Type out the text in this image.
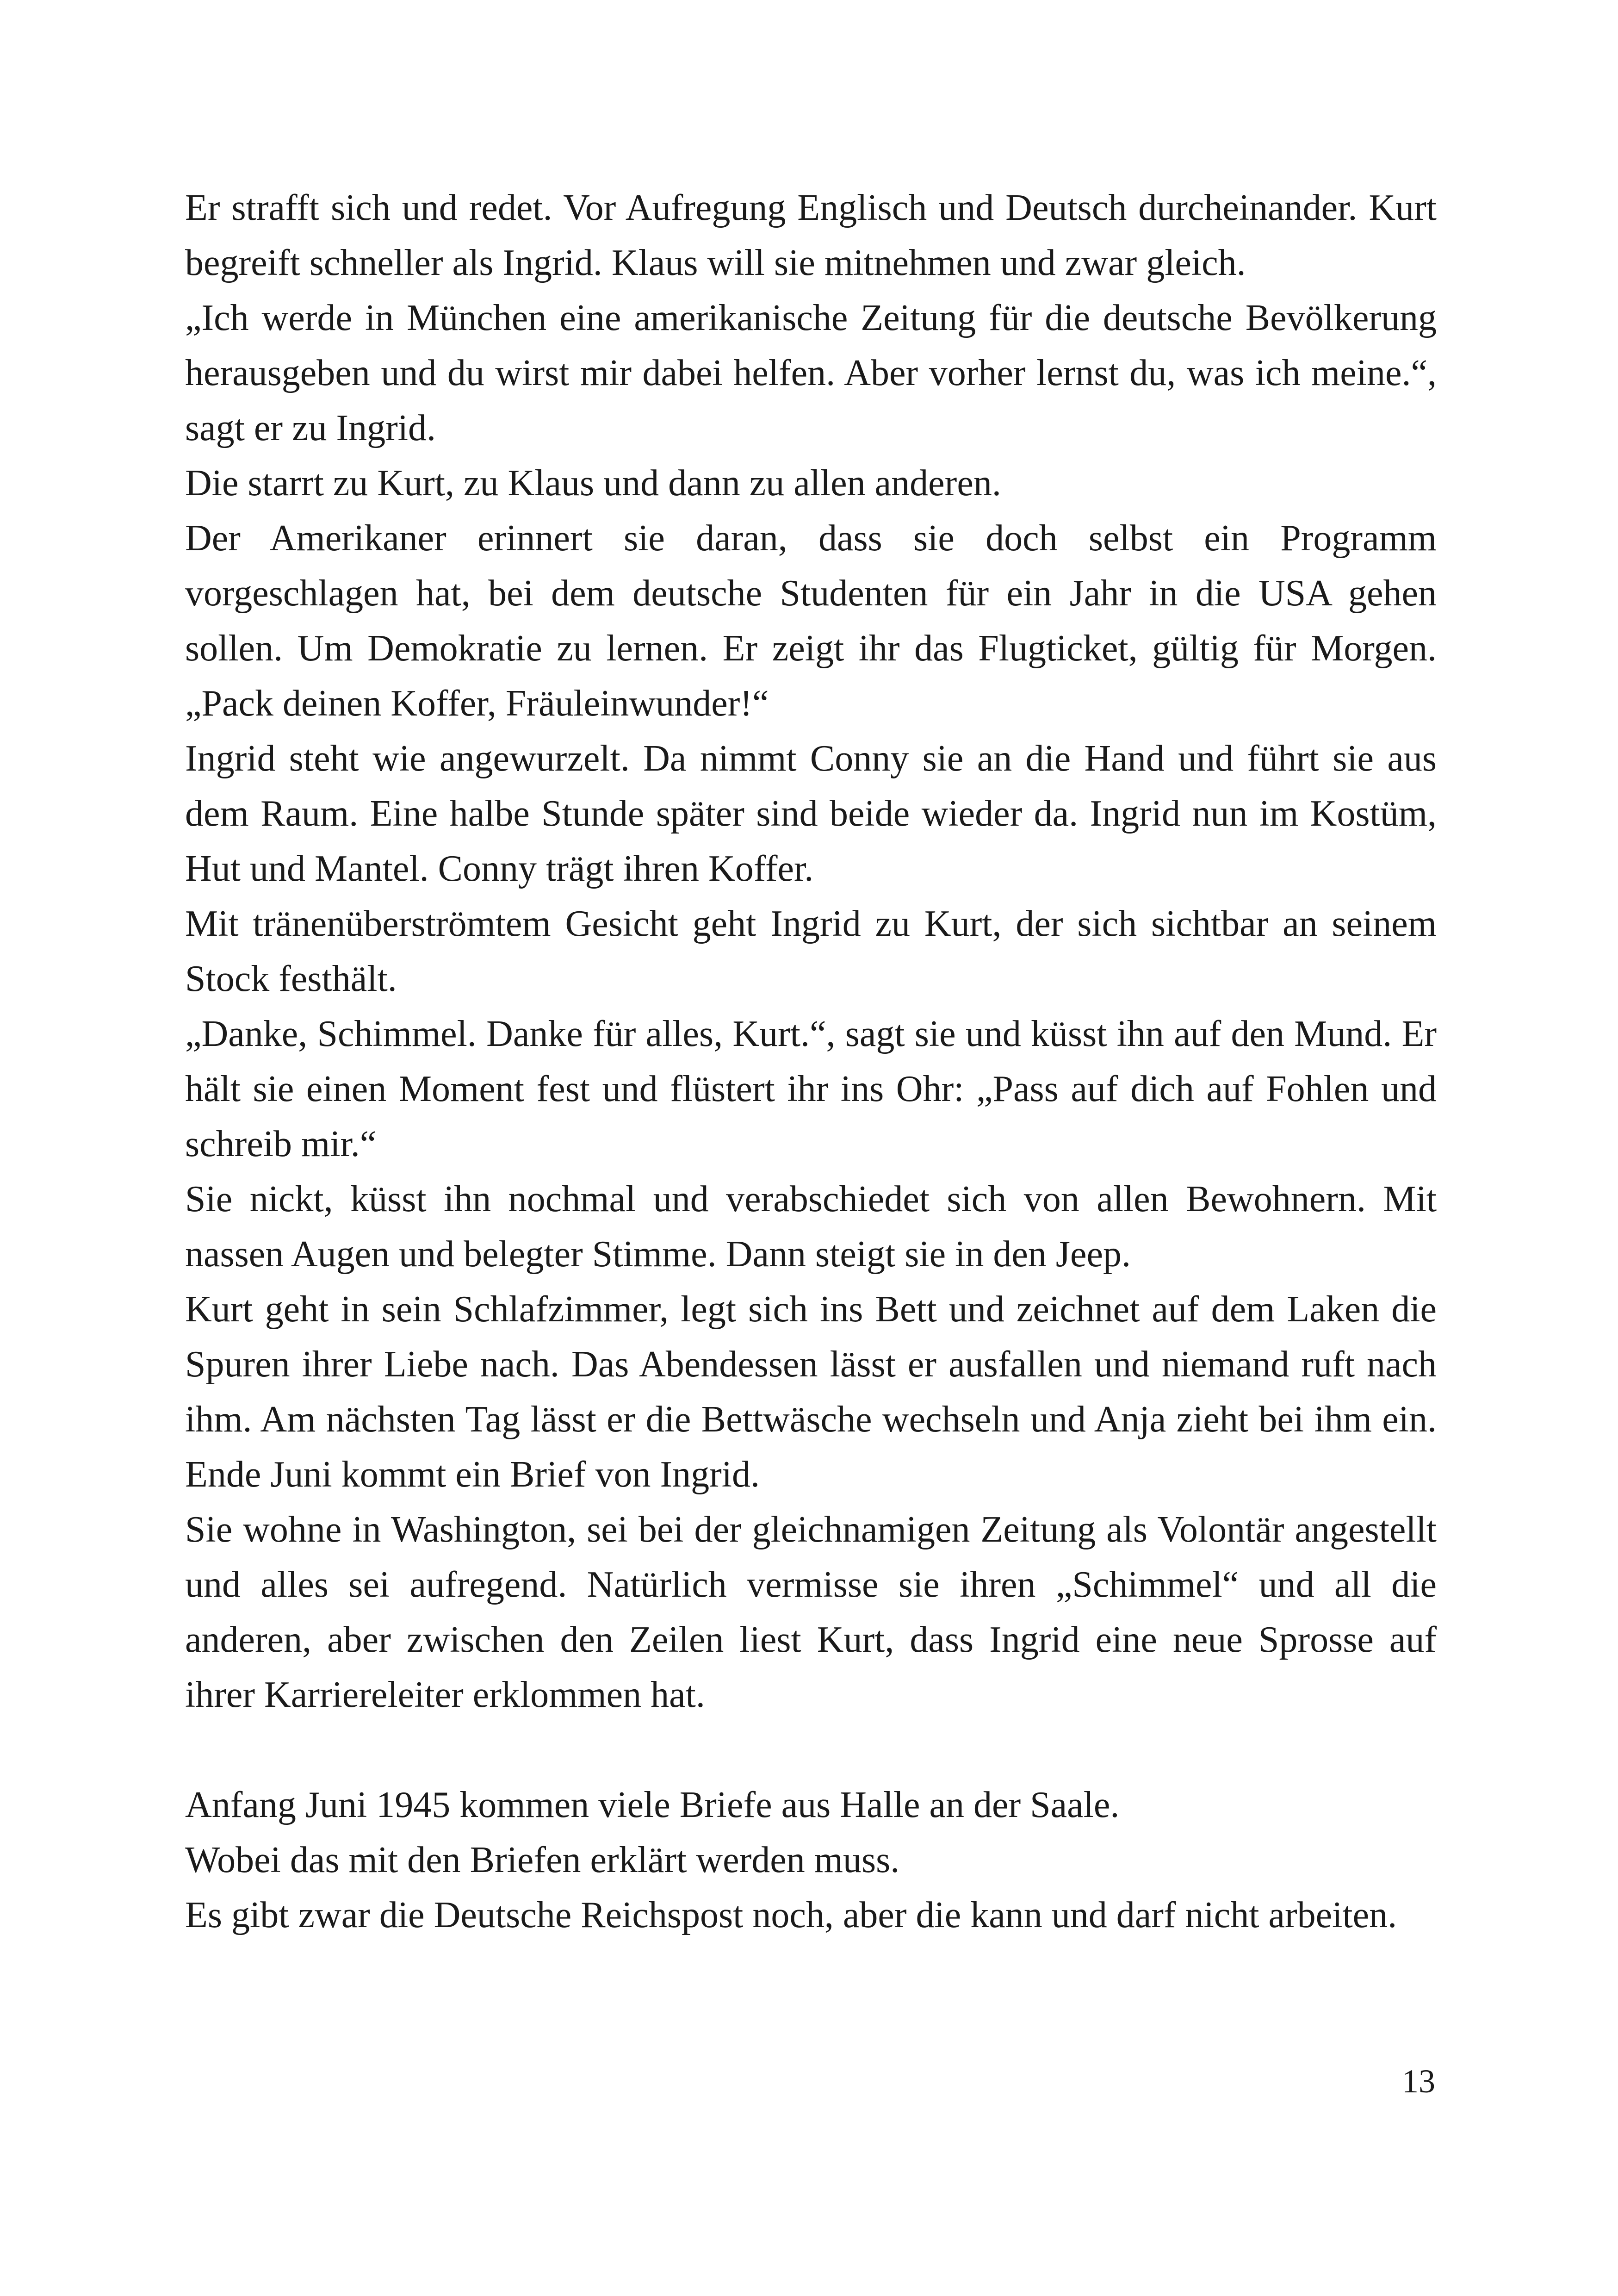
Er strafft sich und redet. Vor Aufregung Englisch und Deutsch durcheinander. Kurt begreift schneller als Ingrid. Klaus will sie mitnehmen und zwar gleich.

„Ich werde in München eine amerikanische Zeitung für die deutsche Bevölkerung herausgeben und du wirst mir dabei helfen. Aber vorher lernst du, was ich meine.“, sagt er zu Ingrid.

Die starrt zu Kurt, zu Klaus und dann zu allen anderen.

Der Amerikaner erinnert sie daran, dass sie doch selbst ein Programm vorgeschlagen hat, bei dem deutsche Studenten für ein Jahr in die USA gehen sollen. Um Demokratie zu lernen. Er zeigt ihr das Flugticket, gültig für Morgen. „Pack deinen Koffer, Fräuleinwunder!“

Ingrid steht wie angewurzelt. Da nimmt Conny sie an die Hand und führt sie aus dem Raum. Eine halbe Stunde später sind beide wieder da. Ingrid nun im Kostüm, Hut und Mantel. Conny trägt ihren Koffer.

Mit tränenüberströmtem Gesicht geht Ingrid zu Kurt, der sich sichtbar an seinem Stock festhält.

„Danke, Schimmel. Danke für alles, Kurt.“, sagt sie und küsst ihn auf den Mund. Er hält sie einen Moment fest und flüstert ihr ins Ohr: „Pass auf dich auf Fohlen und schreib mir.“

Sie nickt, küsst ihn nochmal und verabschiedet sich von allen Bewohnern. Mit nassen Augen und belegter Stimme. Dann steigt sie in den Jeep.

Kurt geht in sein Schlafzimmer, legt sich ins Bett und zeichnet auf dem Laken die Spuren ihrer Liebe nach. Das Abendessen lässt er ausfallen und niemand ruft nach ihm. Am nächsten Tag lässt er die Bettwäsche wechseln und Anja zieht bei ihm ein. Ende Juni kommt ein Brief von Ingrid.

Sie wohne in Washington, sei bei der gleichnamigen Zeitung als Volontär angestellt und alles sei aufregend. Natürlich vermisse sie ihren „Schimmel“ und all die anderen, aber zwischen den Zeilen liest Kurt, dass Ingrid eine neue Sprosse auf ihrer Karriereleiter erklommen hat.

Anfang Juni 1945 kommen viele Briefe aus Halle an der Saale.

Wobei das mit den Briefen erklärt werden muss.

Es gibt zwar die Deutsche Reichspost noch, aber die kann und darf nicht arbeiten.

13
